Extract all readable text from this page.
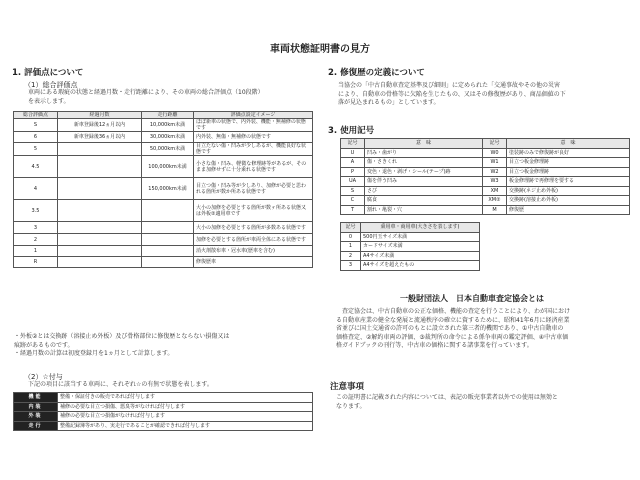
車両状態証明書の見方
1. 評価点について
（1）総合評価点
車両にある瑕疵の状態と経過月数・走行距離により、その車両の総合評価点（10段階）
を表示します。
総合評価点	経過月数	走行距離	評価点設定イメージ
S	新車登録後12ヵ月以内	10,000km未満	ほぼ新車の状態で、内外装、機能・無補修の状態です
6	新車登録後36ヵ月以内	30,000km未満	内外装、無傷・無補修の状態です
5		50,000km未満	目立たない傷・凹みが少しあるが、機能良好な状態です
4.5		100,000km未満	小さな傷・凹み、軽微な修理跡等があるが、そのまま加修せずに十分乗れる状態です
4		150,000km未満	目立つ傷・凹み等が少しあり、加修が必要と思われる箇所が数か所ある状態です
3.5			大小の加修を必要とする箇所が数ヶ所ある状態又は外板②適用車です
3			大小の加修を必要とする箇所が多数ある状態です
2			加修を必要とする箇所が車両全体にある状態です
1			消火剤散布車・冠水車(歴車を含む)
R			修復歴車
・外板②とは交換跡（溶接止め外板）及び骨格部位に修復歴とならない損傷又は
痕跡があるものです。
・経過月数の計算は初度登録月を1ヵ月として計算します。
（2）☆付与
下記の項目に該当する車両に、それぞれ☆の有無で状態を表します。
機能	整備・保証付きの販売であれば付与します
内装	補修の必要な目立つ損傷、悪臭等がなければ付与します
外装	補修の必要な目立つ損傷がなければ付与します
走行	整備記録簿等があり、実走行であることが確認できれば付与します
2. 修復歴の定義について
当協会の「中古自動車査定基準及び細則」に定められた「交通事故やその他の災害
により、自動車の骨格等に欠陥を生じたもの、又はその修復歴があり、商品価値の下
落が見込まれるもの」としています。
3. 使用記号
記号	意　味	記号	意　味
U	凹み・歯がり	W0	塗装跡のみで修復跡が良好
A	傷・さきくれ	W1	目立つ板金修理跡
P	変色・退色・剥げ・シール(テープ)跡	W2	目立つ板金修理跡
UA	傷を伴う凹み	W3	板金修理跡で再修理を要する
S	さび	XM	交換跡(ネジ止め外板)
C	腐食	XM②	交換跡(溶接止め外板)
T	割れ・亀裂・穴	M	修復歴
記号	乗用車・商用車(大きさを表します)
0	500円玉サイズ未満
1	カードサイズ未満
2	A4サイズ未満
3	A4サイズを超えたもの
一般財団法人　日本自動車査定協会とは
　査定協会は、中古自動車の公正な価格、機能の査定を行うことにより、わが国におけ
る自動車産業の健全な発展と流通秩序の確立に資するために、昭和41年6月に経済産業
省並びに国土交通省の許可のもとに設立された第三者的機関であり、①中古自動車の
価格査定、②解約車両の評価、③裁判所の命令による係争車両の鑑定評価、④中古車価
格ガイドブックの刊行等、中古車の価格に関する諸事業を行っています。
注意事項
この証明書に記載された内容については、表記の販売事業者以外での使用は無効と
なります。
